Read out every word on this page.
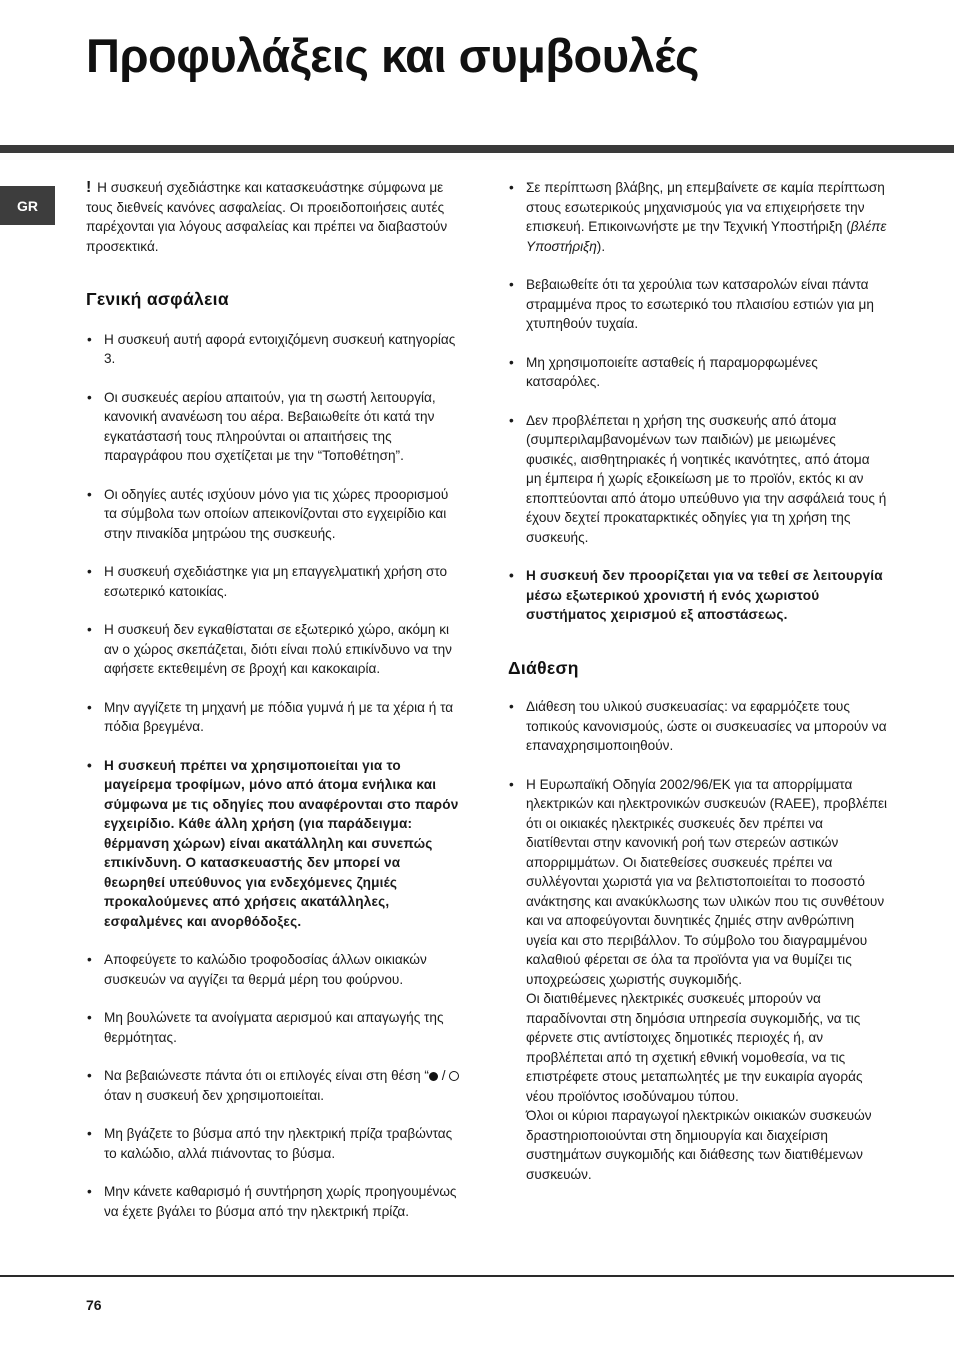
Προφυλάξεις και συμβουλές
GR

! Η συσκευή σχεδιάστηκε και κατασκευάστηκε σύμφωνα με τους διεθνείς κανόνες ασφαλείας. Οι προειδοποιήσεις αυτές παρέχονται για λόγους ασφαλείας και πρέπει να διαβαστούν προσεκτικά.

Γενική ασφάλεια
• Η συσκευή αυτή αφορά εντοιχιζόμενη συσκευή κατηγορίας 3.
• Οι συσκευές αερίου απαιτούν, για τη σωστή λειτουργία, κανονική ανανέωση του αέρα. Βεβαιωθείτε ότι κατά την εγκατάστασή τους πληρούνται οι απαιτήσεις της παραγράφου που σχετίζεται με την “Τοποθέτηση”.
• Οι οδηγίες αυτές ισχύουν μόνο για τις χώρες προορισμού τα σύμβολα των οποίων απεικονίζονται στο εγχειρίδιο και στην πινακίδα μητρώου της συσκευής.
• Η συσκευή σχεδιάστηκε για μη επαγγελματική χρήση στο εσωτερικό κατοικίας.
• Η συσκευή δεν εγκαθίσταται σε εξωτερικό χώρο, ακόμη κι αν ο χώρος σκεπάζεται, διότι είναι πολύ επικίνδυνο να την αφήσετε εκτεθειμένη σε βροχή και κακοκαιρία.
• Μην αγγίζετε τη μηχανή με πόδια γυμνά ή με τα χέρια ή τα πόδια βρεγμένα.
• Η συσκευή πρέπει να χρησιμοποιείται για το μαγείρεμα τροφίμων, μόνο από άτομα ενήλικα και σύμφωνα με τις οδηγίες που αναφέρονται στο παρόν εγχειρίδιο. Κάθε άλλη χρήση (για παράδειγμα: θέρμανση χώρων) είναι ακατάλληλη και συνεπώς επικίνδυνη. Ο κατασκευαστής δεν μπορεί να θεωρηθεί υπεύθυνος για ενδεχόμενες ζημιές προκαλούμενες από χρήσεις ακατάλληλες, εσφαλμένες και ανορθόδοξες.
• Αποφεύγετε το καλώδιο τροφοδοσίας άλλων οικιακών συσκευών να αγγίζει τα θερμά μέρη του φούρνου.
• Μη βουλώνετε τα ανοίγματα αερισμού και απαγωγής της θερμότητας.
• Να βεβαιώνεστε πάντα ότι οι επιλογές είναι στη θέση “ /  όταν η συσκευή δεν χρησιμοποιείται.
• Μη βγάζετε το βύσμα από την ηλεκτρική πρίζα τραβώντας το καλώδιο, αλλά πιάνοντας το βύσμα.
• Μην κάνετε καθαρισμό ή συντήρηση χωρίς προηγουμένως να έχετε βγάλει το βύσμα από την ηλεκτρική πρίζα.
• Σε περίπτωση βλάβης, μη επεμβαίνετε σε καμία περίπτωση στους εσωτερικούς μηχανισμούς για να επιχειρήσετε την επισκευή. Επικοινωνήστε με την Τεχνική Υποστήριξη (βλέπε Υποστήριξη).
• Βεβαιωθείτε ότι τα χερούλια των κατσαρολών είναι πάντα στραμμένα προς το εσωτερικό του πλαισίου εστιών για μη χτυπηθούν τυχαία.
• Μη χρησιμοποιείτε ασταθείς ή παραμορφωμένες κατσαρόλες.
• Δεν προβλέπεται η χρήση της συσκευής από άτομα (συμπεριλαμβανομένων των παιδιών) με μειωμένες φυσικές, αισθητηριακές ή νοητικές ικανότητες, από άτομα μη έμπειρα ή χωρίς εξοικείωση με το προϊόν, εκτός κι αν εποπτεύονται από άτομο υπεύθυνο για την ασφάλειά τους ή έχουν δεχτεί προκαταρκτικές οδηγίες για τη χρήση της συσκευής.
• Η συσκευή δεν προορίζεται για να τεθεί σε λειτουργία μέσω εξωτερικού χρονιστή ή ενός χωριστού συστήματος χειρισμού εξ αποστάσεως.
Διάθεση
• Διάθεση του υλικού συσκευασίας: να εφαρμόζετε τους τοπικούς κανονισμούς, ώστε οι συσκευασίες να μπορούν να επαναχρησιμοποιηθούν.

• Η Ευρωπαϊκή Οδηγία 2002/96/ΕΚ για τα απορρίμματα ηλεκτρικών και ηλεκτρονικών συσκευών (RAEE), προβλέπει ότι οι οικιακές ηλεκτρικές συσκευές δεν πρέπει να διατίθενται στην κανονική ροή των στερεών αστικών απορριμμάτων. Οι διατεθείσες συσκευές πρέπει να συλλέγονται χωριστά για να βελτιστοποιείται το ποσοστό ανάκτησης και ανακύκλωσης των υλικών που τις συνθέτουν και να αποφεύγονται δυνητικές ζημιές στην ανθρώπινη υγεία και στο περιβάλλον. Το σύμβολο του διαγραμμένου καλαθιού φέρεται σε όλα τα προϊόντα για να θυμίζει τις υποχρεώσεις χωριστής συγκομιδής.

Οι διατιθέμενες ηλεκτρικές συσκευές μπορούν να παραδίνονται στη δημόσια υπηρεσία συγκομιδής, να τις φέρνετε στις αντίστοιχες δημοτικές περιοχές ή, αν προβλέπεται από τη σχετική εθνική νομοθεσία, να τις επιστρέφετε στους μεταπωλητές με την ευκαιρία αγοράς νέου προϊόντος ισοδύναμου τύπου.

Όλοι οι κύριοι παραγωγοί ηλεκτρικών οικιακών συσκευών δραστηριοποιούνται στη δημιουργία και διαχείριση συστημάτων συγκομιδής και διάθεσης των διατιθέμενων συσκευών.

76
